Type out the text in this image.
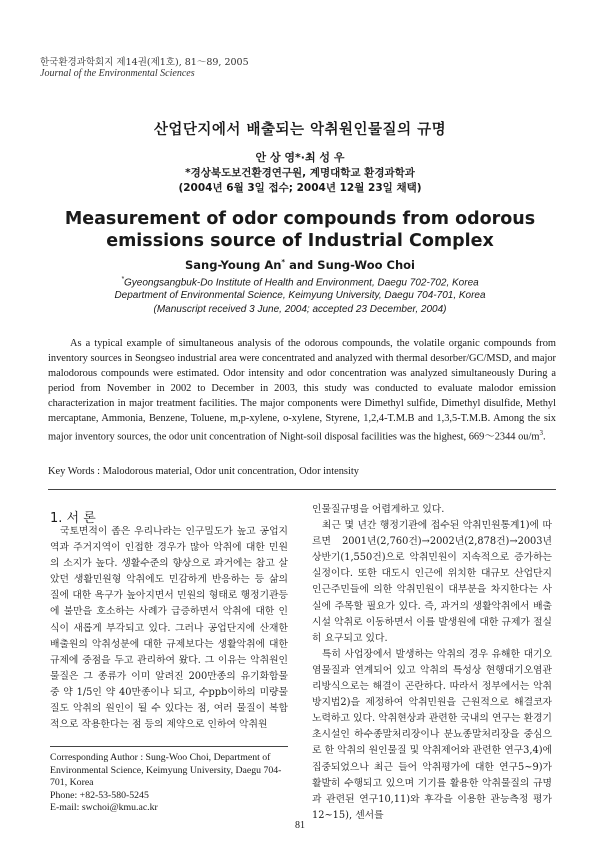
한국환경과학회지 제14권(제1호), 81～89, 2005
Journal of the Environmental Sciences
산업단지에서 배출되는 악취원인물질의 규명
안 상 영*·최 성 우
*경상북도보건환경연구원, 계명대학교 환경과학과
(2004년 6월 3일 접수; 2004년 12월 23일 채택)
Measurement of odor compounds from odorous
emissions source of Industrial Complex
Sang-Young An* and Sung-Woo Choi
*Gyeongsangbuk-Do Institute of Health and Environment, Daegu 702-702, Korea
Department of Environmental Science, Keimyung University, Daegu 704-701, Korea
(Manuscript received 3 June, 2004; accepted 23 December, 2004)
As a typical example of simultaneous analysis of the odorous compounds, the volatile organic compounds from inventory sources in Seongseo industrial area were concentrated and analyzed with thermal desorber/GC/MSD, and major malodorous compounds were estimated. Odor intensity and odor concentration was analyzed simultaneously During a period from November in 2002 to December in 2003, this study was conducted to evaluate malodor emission characterization in major treatment facilities. The major components were Dimethyl sulfide, Dimethyl disulfide, Methyl mercaptane, Ammonia, Benzene, Toluene, m,p-xylene, o-xylene, Styrene, 1,2,4-T.M.B and 1,3,5-T.M.B. Among the six major inventory sources, the odor unit concentration of Night-soil disposal facilities was the highest, 669～2344 $ou/m^3$.
Key Words : Malodorous material, Odor unit concentration, Odor intensity
1. 서 론
국토면적이 좁은 우리나라는 인구밀도가 높고 공업지역과 주거지역이 인접한 경우가 많아 악취에 대한 민원의 소지가 높다. 생활수준의 향상으로 과거에는 참고 살았던 생활민원형 악취에도 민감하게 반응하는 등 삶의 질에 대한 욕구가 높아지면서 민원의 형태로 행정기관등에 불만을 호소하는 사례가 급증하면서 악취에 대한 인식이 새롭게 부각되고 있다. 그러나 공업단지에 산재한 배출원의 악취성분에 대한 규제보다는 생활악취에 대한 규제에 중점을 두고 관리하여 왔다. 그 이유는 악취원인물질은 그 종류가 이미 알려진 200만종의 유기화합물 중 약 1/5인 약 40만종이나 되고, 수ppb이하의 미량물질도 악취의 원인이 될 수 있다는 점, 여러 물질이 복합적으로 작용한다는 점 등의 제약으로 인하여 악취원

인물질규명을 어렵게하고 있다.

최근 몇 년간 행정기관에 접수된 악취민원통계1)에 따르면 2001년(2,760건)→2002년(2,878건)→2003년상반기(1,550건)으로 악취민원이 지속적으로 증가하는 실정이다. 또한 대도시 인근에 위치한 대규모 산업단지 인근주민들에 의한 악취민원이 대부분을 차지한다는 사실에 주목할 필요가 있다. 즉, 과거의 생활악취에서 배출시설 악취로 이동하면서 이를 발생원에 대한 규제가 절실히 요구되고 있다.

특히 사업장에서 발생하는 악취의 경우 유해한 대기오염물질과 연계되어 있고 악취의 특성상 현행대기오염관리방식으로는 해결이 곤란하다. 따라서 정부에서는 악취방지법2)을 제정하여 악취민원을 근원적으로 해결코자 노력하고 있다. 악취현상과 관련한 국내의 연구는 환경기초시설인 하수종말처리장이나 분뇨종말처리장을 중심으로 한 악취의 원인물질 및 악취제어와 관련한 연구3,4)에 집중되었으나 최근 들어 악취평가에 대한 연구5~9)가 활발히 수행되고 있으며 기기를 활용한 악취물질의 규명과 관련된 연구10,11)와 후각을 이용한 관능측정 평가12~15), 센서를

Corresponding Author : Sung-Woo Choi, Department of Environmental Science, Keimyung University, Daegu 704-701, Korea
Phone: +82-53-580-5245
E-mail: swchoi@kmu.ac.kr
81
